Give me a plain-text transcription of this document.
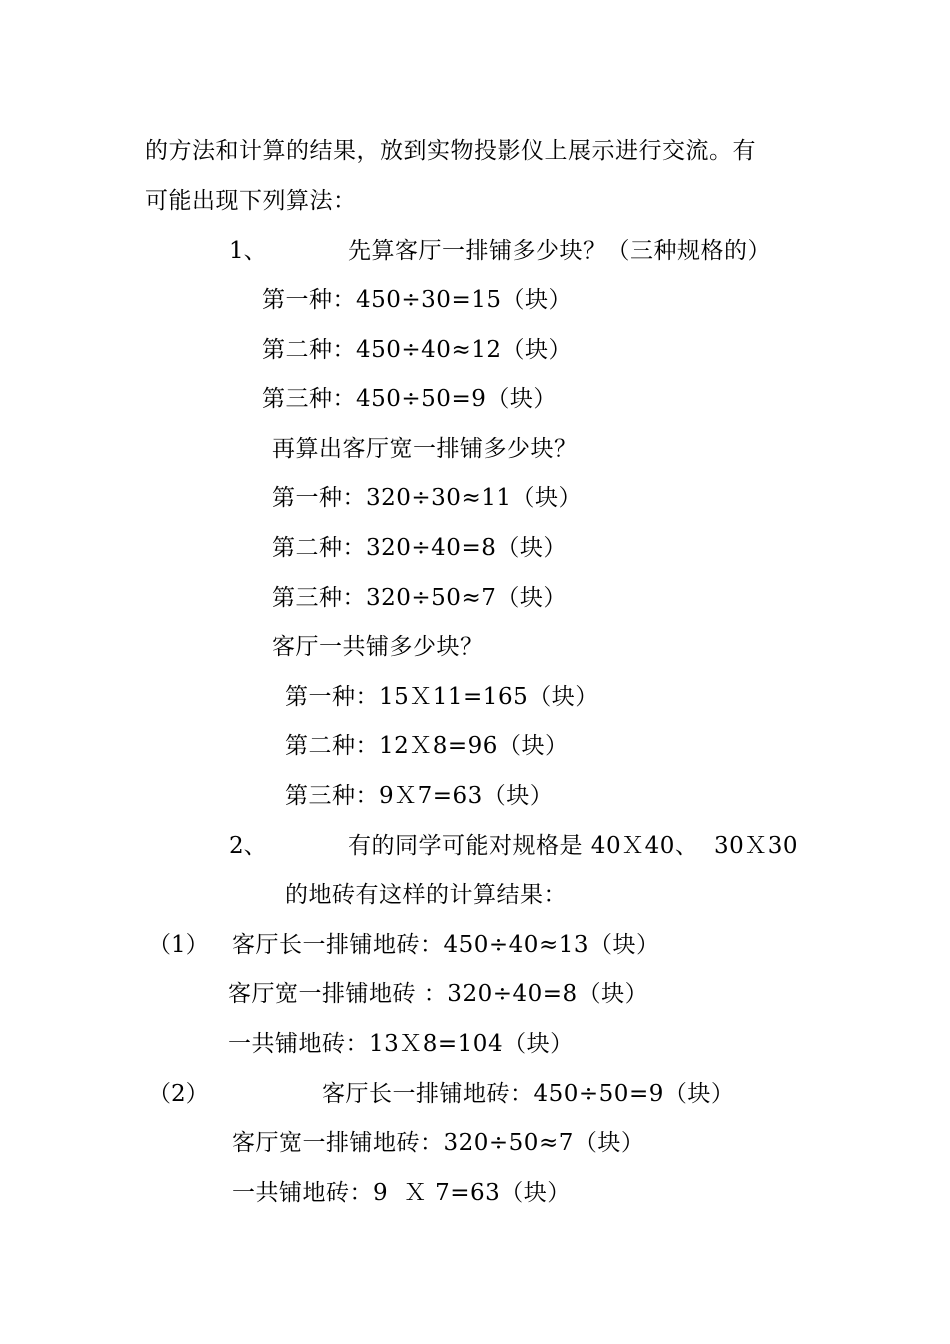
的方法和计算的结果，放到实物投影仪上展示进行交流。有
可能出现下列算法：
1、	先算客厅一排铺多少块？（三种规格的）
第一种：450÷30=15（块）
第二种：450÷40≈12（块）
第三种：450÷50=9（块）
再算出客厅宽一排铺多少块？
第一种：320÷30≈11（块）
第二种：320÷40=8（块）
第三种：320÷50≈7（块）
客厅一共铺多少块？
第一种：15Ｘ11=165（块）
第二种：12Ｘ8=96（块）
第三种：9Ｘ7=63（块）
2、	有的同学可能对规格是 40Ｘ40、  30Ｘ30
的地砖有这样的计算结果：
（1） 客厅长一排铺地砖：450÷40≈13（块）
客厅宽一排铺地砖 ：320÷40=8（块）
一共铺地砖：13Ｘ8=104（块）
（2）	客厅长一排铺地砖：450÷50=9（块）
客厅宽一排铺地砖：320÷50≈7（块）
一共铺地砖：9  Ｘ 7=63（块）
